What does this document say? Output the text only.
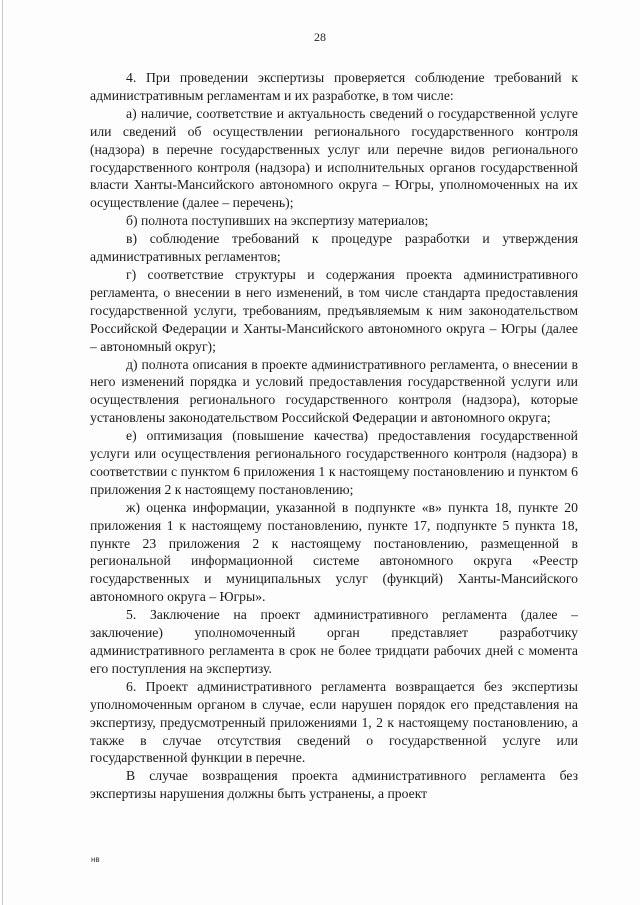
28

4. При проведении экспертизы проверяется соблюдение требований к административным регламентам и их разработке, в том числе:

а) наличие, соответствие и актуальность сведений о государственной услуге или сведений об осуществлении регионального государственного контроля (надзора) в перечне государственных услуг или перечне видов регионального государственного контроля (надзора) и исполнительных органов государственной власти Ханты-Мансийского автономного округа – Югры, уполномоченных на их осуществление (далее – перечень);

б) полнота поступивших на экспертизу материалов;

в) соблюдение требований к процедуре разработки и утверждения административных регламентов;

г) соответствие структуры и содержания проекта административного регламента, о внесении в него изменений, в том числе стандарта предоставления государственной услуги, требованиям, предъявляемым к ним законодательством Российской Федерации и Ханты-Мансийского автономного округа – Югры (далее – автономный округ);

д) полнота описания в проекте административного регламента, о внесении в него изменений порядка и условий предоставления государственной услуги или осуществления регионального государственного контроля (надзора), которые установлены законодательством Российской Федерации и автономного округа;

е) оптимизация (повышение качества) предоставления государственной услуги или осуществления регионального государственного контроля (надзора) в соответствии с пунктом 6 приложения 1 к настоящему постановлению и пунктом 6 приложения 2 к настоящему постановлению;

ж) оценка информации, указанной в подпункте «в» пункта 18, пункте 20 приложения 1 к настоящему постановлению, пункте 17, подпункте 5 пункта 18, пункте 23 приложения 2 к настоящему постановлению, размещенной в региональной информационной системе автономного округа «Реестр государственных и муниципальных услуг (функций) Ханты-Мансийского автономного округа – Югры».

5. Заключение на проект административного регламента (далее – заключение) уполномоченный орган представляет разработчику административного регламента в срок не более тридцати рабочих дней с момента его поступления на экспертизу.

6. Проект административного регламента возвращается без экспертизы уполномоченным органом в случае, если нарушен порядок его представления на экспертизу, предусмотренный приложениями 1, 2 к настоящему постановлению, а также в случае отсутствия сведений о государственной услуге или государственной функции в перечне.

В случае возвращения проекта административного регламента без экспертизы нарушения должны быть устранены, а проект

нв
